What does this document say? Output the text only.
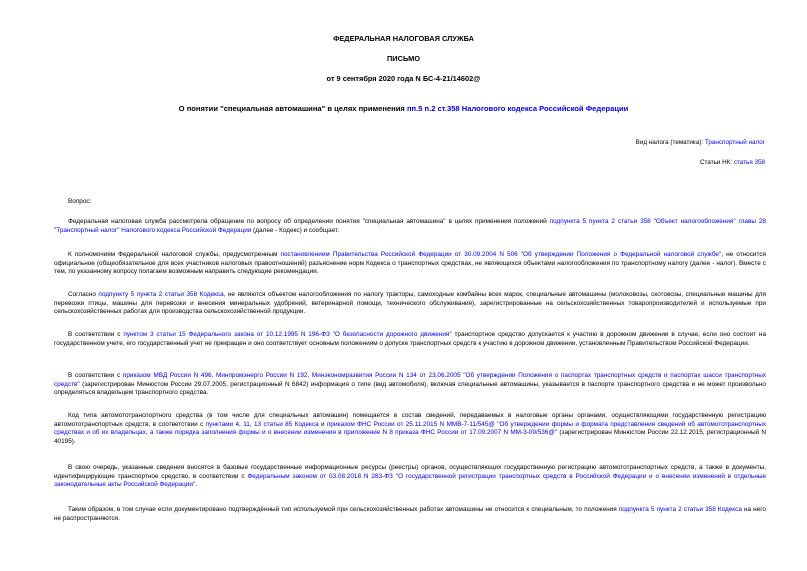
ФЕДЕРАЛЬНАЯ НАЛОГОВАЯ СЛУЖБА
ПИСЬМО
от 9 сентября 2020 года N БС-4-21/14602@
О понятии "специальная автомашина" в целях применения пп.5 п.2 ст.358 Налогового кодекса Российской Федерации
Вид налога (тематика): Транспортный налог
Статьи НК: статья 358
Вопрос:
Федеральная налоговая служба рассмотрела обращение по вопросу об определении понятия "специальная автомашина" в целях применения положений подпункта 5 пункта 2 статьи 358 "Объект налогообложения" главы 28 "Транспортный налог" Налогового кодекса Российской Федерации (далее - Кодекс) и сообщает.
К полномочиям Федеральной налоговой службы, предусмотренным постановлением Правительства Российской Федерации от 30.09.2004 N 506 "Об утверждении Положения о Федеральной налоговой службе", не относится официальное (общеобязательное для всех участников налоговых правоотношений) разъяснение норм Кодекса о транспортных средствах, не являющихся объектами налогообложения по транспортному налогу (далее - налог). Вместе с тем, по указанному вопросу полагаем возможным направить следующие рекомендации.
Согласно подпункту 5 пункта 2 статьи 358 Кодекса, не являются объектом налогообложения по налогу тракторы, самоходные комбайны всех марок, специальные автомашины (молоковозы, скотовозы, специальные машины для перевозки птицы, машины для перевозки и внесения минеральных удобрений, ветеринарной помощи, технического обслуживания), зарегистрированные на сельскохозяйственных товаропроизводителей и используемые при сельскохозяйственных работах для производства сельскохозяйственной продукции.
В соответствии с пунктом 3 статьи 15 Федерального закона от 10.12.1995 N 196-ФЗ "О безопасности дорожного движения" транспортное средство допускается к участию в дорожном движении в случае, если оно состоит на государственном учете, его государственный учет не прекращен и оно соответствует основным положениям о допуске транспортных средств к участию в дорожном движении, установленным Правительством Российской Федерации.
В соответствии с приказом МВД России N 496, Минпромэнерго России N 192, Минэкономразвития России N 134 от 23.06.2005 "Об утверждении Положения о паспортах транспортных средств и паспортах шасси транспортных средств" (зарегистрирован Минюстом России 29.07.2005, регистрационный N 6842) информация о типе (вид автомобиля), включая специальные автомашины, указывается в паспорте транспортного средства и не может произвольно определяться владельцем транспортного средства.
Код типа автомототранспортного средства (в том числе для специальных автомашин) помещается в состав сведений, передаваемых в налоговые органы органами, осуществляющими государственную регистрацию автомототранспортных средств, в соответствии с пунктами 4, 11, 13 статьи 85 Кодекса и приказом ФНС России от 25.11.2015 N ММВ-7-11/545@ "Об утверждении формы и формата представления сведений об автомототранспортных средствах и об их владельцах, а также порядка заполнения формы и о внесении изменения в приложение N 8 приказа ФНС России от 17.09.2007 N ММ-3-09/536@" (зарегистрирован Минюстом России 22.12.2015, регистрационный N 40195).
В свою очередь, указанные сведения вносятся в базовые государственные информационные ресурсы (реестры) органов, осуществляющих государственную регистрацию автомототранспортных средств, а также в документы, идентифицирующие транспортное средство, в соответствии с Федеральным законом от 03.08.2018 N 283-ФЗ "О государственной регистрации транспортных средств в Российской Федерации и о внесении изменений в отдельные законодательные акты Российской Федерации".
Таким образом, в том случае если документировано подтверждённый тип используемой при сельскохозяйственных работах автомашины не относится к специальным, то положения подпункта 5 пункта 2 статьи 358 Кодекса на него не распространяются.
